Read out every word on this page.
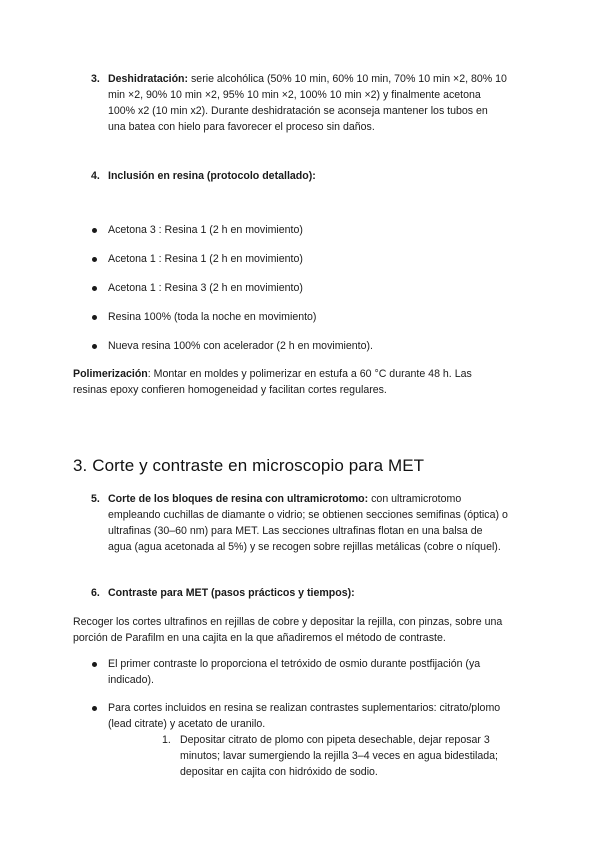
3. Deshidratación: serie alcohólica (50% 10 min, 60% 10 min, 70% 10 min ×2, 80% 10
min ×2, 90% 10 min ×2, 95% 10 min ×2, 100% 10 min ×2) y finalmente acetona
100% x2 (10 min x2). Durante deshidratación se aconseja mantener los tubos en
una batea con hielo para favorecer el proceso sin daños.
4. Inclusión en resina (protocolo detallado):
Acetona 3 : Resina 1 (2 h en movimiento)
Acetona 1 : Resina 1 (2 h en movimiento)
Acetona 1 : Resina 3 (2 h en movimiento)
Resina 100% (toda la noche en movimiento)
Nueva resina 100% con acelerador (2 h en movimiento).
Polimerización: Montar en moldes y polimerizar en estufa a 60 °C durante 48 h. Las
resinas epoxy confieren homogeneidad y facilitan cortes regulares.
3. Corte y contraste en microscopio para MET
5. Corte de los bloques de resina con ultramicrotomo: con ultramicrotomo
empleando cuchillas de diamante o vidrio; se obtienen secciones semifinas (óptica) o
ultrafinas (30–60 nm) para MET. Las secciones ultrafinas flotan en una balsa de
agua (agua acetonada al 5%) y se recogen sobre rejillas metálicas (cobre o níquel).
6. Contraste para MET (pasos prácticos y tiempos):
Recoger los cortes ultrafinos en rejillas de cobre y depositar la rejilla, con pinzas, sobre una
porción de Parafilm en una cajita en la que añadiremos el método de contraste.
El primer contraste lo proporciona el tetróxido de osmio durante postfijación (ya
indicado).
Para cortes incluidos en resina se realizan contrastes suplementarios: citrato/plomo
(lead citrate) y acetato de uranilo.
1. Depositar citrato de plomo con pipeta desechable, dejar reposar 3
minutos; lavar sumergiendo la rejilla 3–4 veces en agua bidestilada;
depositar en cajita con hidróxido de sodio.
